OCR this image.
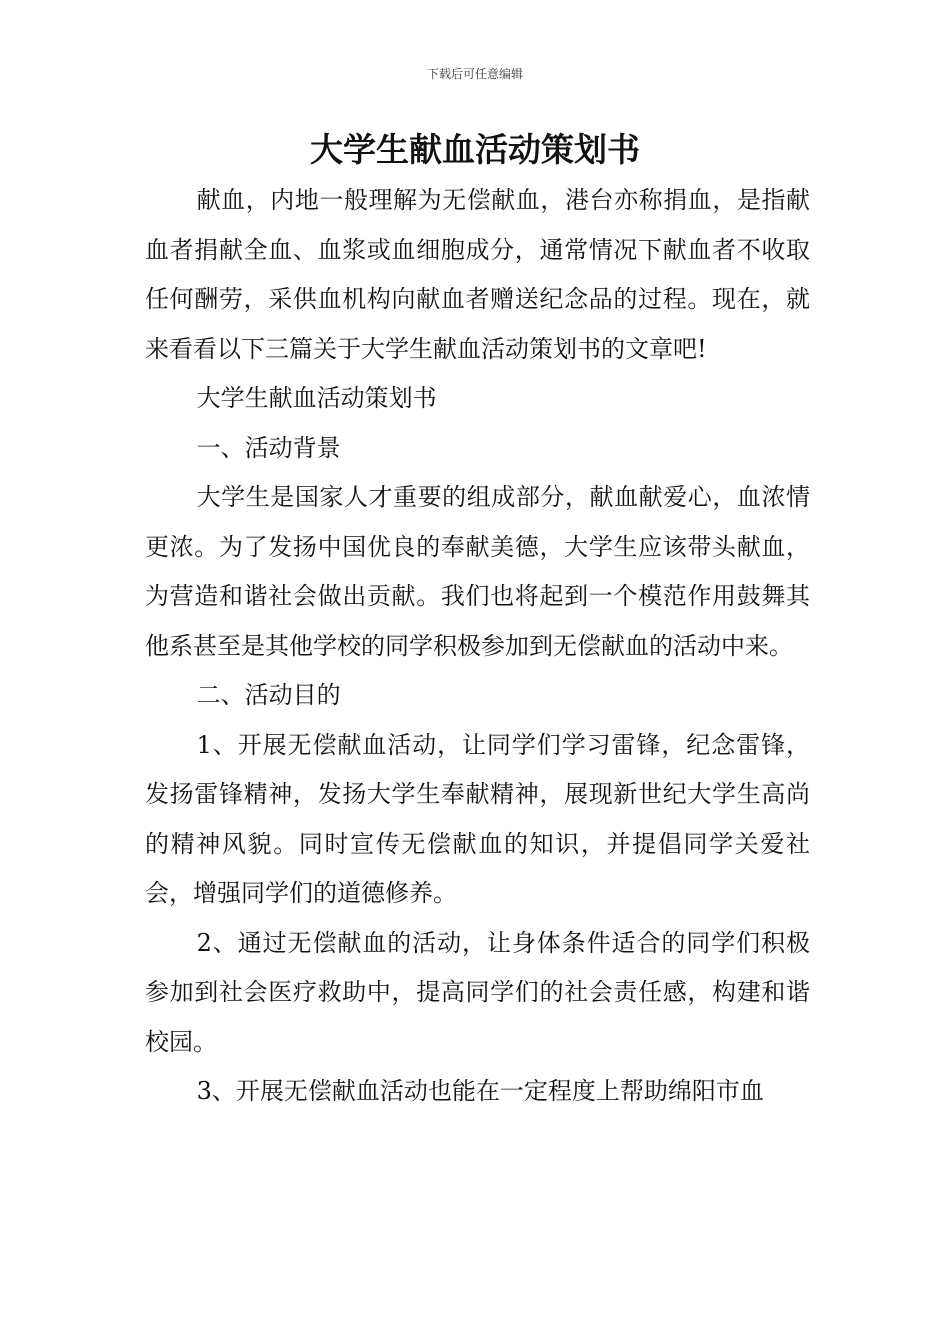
下载后可任意编辑
大学生献血活动策划书

献血，内地一般理解为无偿献血，港台亦称捐血，是指献血者捐献全血、血浆或血细胞成分，通常情况下献血者不收取任何酬劳，采供血机构向献血者赠送纪念品的过程。现在，就来看看以下三篇关于大学生献血活动策划书的文章吧!

大学生献血活动策划书

一、活动背景

大学生是国家人才重要的组成部分，献血献爱心，血浓情更浓。为了发扬中国优良的奉献美德，大学生应该带头献血，为营造和谐社会做出贡献。我们也将起到一个模范作用鼓舞其他系甚至是其他学校的同学积极参加到无偿献血的活动中来。

二、活动目的

1、开展无偿献血活动，让同学们学习雷锋，纪念雷锋，发扬雷锋精神，发扬大学生奉献精神，展现新世纪大学生高尚的精神风貌。同时宣传无偿献血的知识，并提倡同学关爱社会，增强同学们的道德修养。

2、通过无偿献血的活动，让身体条件适合的同学们积极参加到社会医疗救助中，提高同学们的社会责任感，构建和谐校园。

3、开展无偿献血活动也能在一定程度上帮助绵阳市血
